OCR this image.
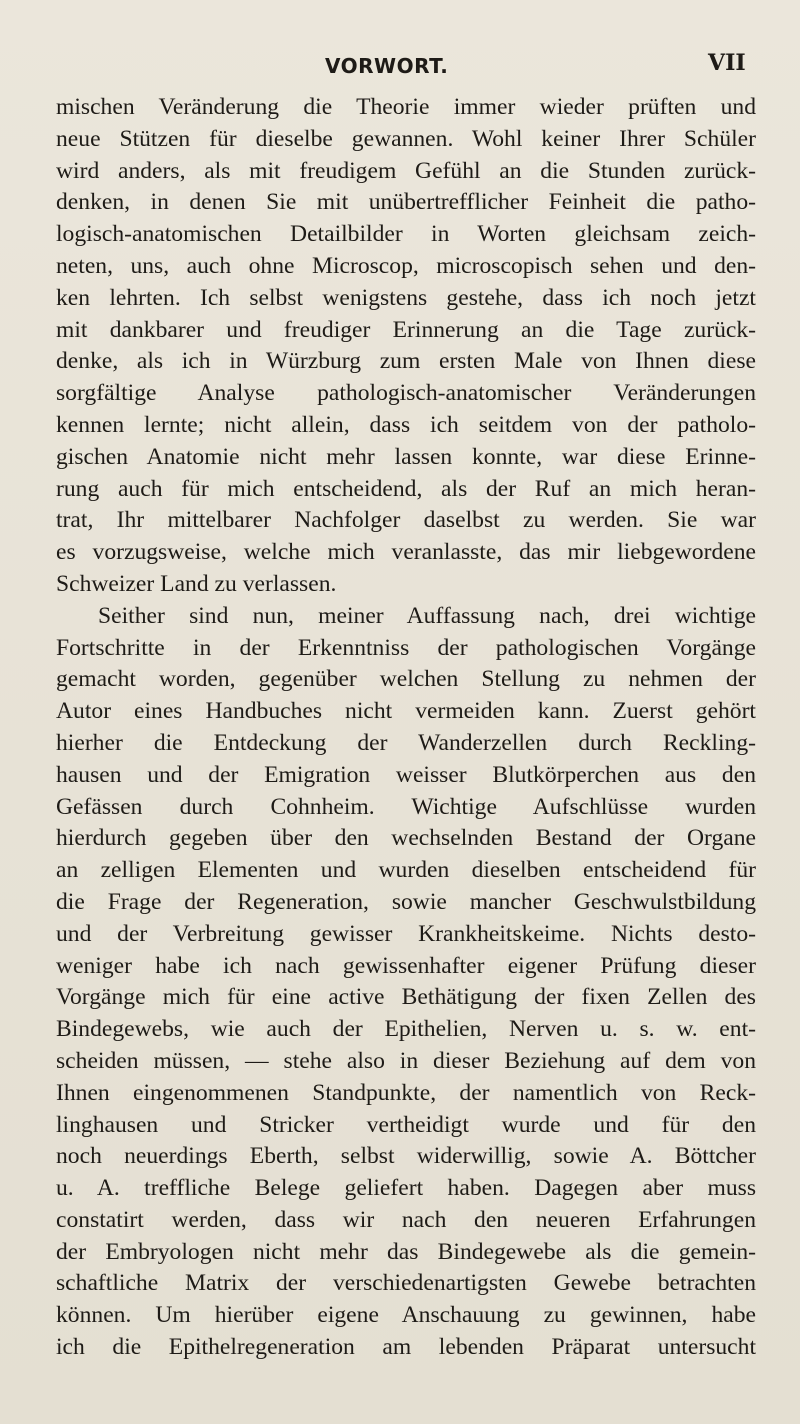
VORWORT.	VII
mischen Veränderung die Theorie immer wieder prüften und
neue Stützen für dieselbe gewannen. Wohl keiner Ihrer Schüler
wird anders, als mit freudigem Gefühl an die Stunden zurück-
denken, in denen Sie mit unübertrefflicher Feinheit die patho-
logisch-anatomischen Detailbilder in Worten gleichsam zeich-
neten, uns, auch ohne Microscop, microscopisch sehen und den-
ken lehrten. Ich selbst wenigstens gestehe, dass ich noch jetzt
mit dankbarer und freudiger Erinnerung an die Tage zurück-
denke, als ich in Würzburg zum ersten Male von Ihnen diese
sorgfältige Analyse pathologisch-anatomischer Veränderungen
kennen lernte; nicht allein, dass ich seitdem von der patholo-
gischen Anatomie nicht mehr lassen konnte, war diese Erinne-
rung auch für mich entscheidend, als der Ruf an mich heran-
trat, Ihr mittelbarer Nachfolger daselbst zu werden. Sie war
es vorzugsweise, welche mich veranlasste, das mir liebgewordene
Schweizer Land zu verlassen.
Seither sind nun, meiner Auffassung nach, drei wichtige
Fortschritte in der Erkenntniss der pathologischen Vorgänge
gemacht worden, gegenüber welchen Stellung zu nehmen der
Autor eines Handbuches nicht vermeiden kann. Zuerst gehört
hierher die Entdeckung der Wanderzellen durch Reckling-
hausen und der Emigration weisser Blutkörperchen aus den
Gefässen durch Cohnheim. Wichtige Aufschlüsse wurden
hierdurch gegeben über den wechselnden Bestand der Organe
an zelligen Elementen und wurden dieselben entscheidend für
die Frage der Regeneration, sowie mancher Geschwulstbildung
und der Verbreitung gewisser Krankheitskeime. Nichts desto-
weniger habe ich nach gewissenhafter eigener Prüfung dieser
Vorgänge mich für eine active Bethätigung der fixen Zellen des
Bindegewebs, wie auch der Epithelien, Nerven u. s. w. ent-
scheiden müssen, — stehe also in dieser Beziehung auf dem von
Ihnen eingenommenen Standpunkte, der namentlich von Reck-
linghausen und Stricker vertheidigt wurde und für den
noch neuerdings Eberth, selbst widerwillig, sowie A. Böttcher
u. A. treffliche Belege geliefert haben. Dagegen aber muss
constatirt werden, dass wir nach den neueren Erfahrungen
der Embryologen nicht mehr das Bindegewebe als die gemein-
schaftliche Matrix der verschiedenartigsten Gewebe betrachten
können. Um hierüber eigene Anschauung zu gewinnen, habe
ich die Epithelregeneration am lebenden Präparat untersucht
